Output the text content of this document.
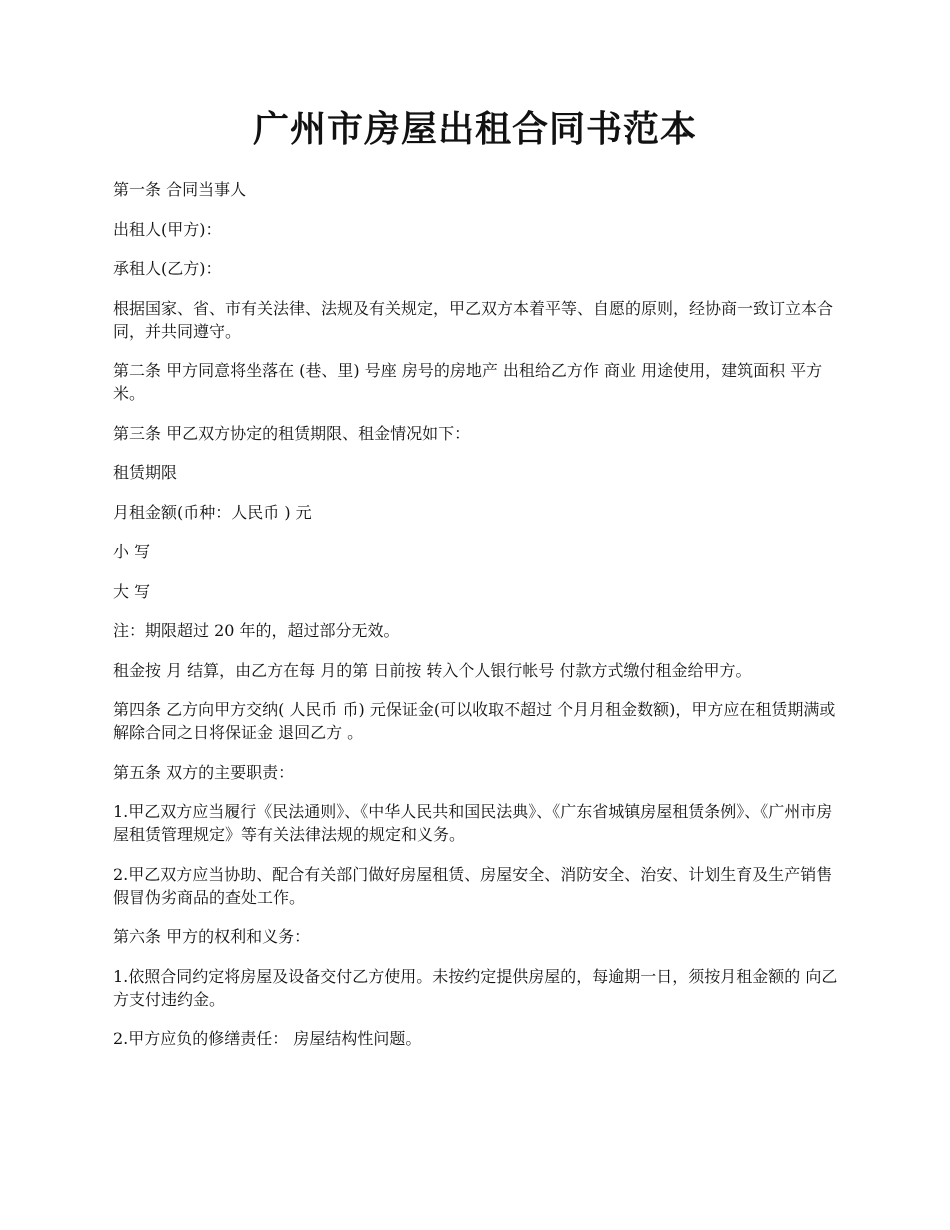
广州市房屋出租合同书范本

第一条 合同当事人

出租人(甲方)：

承租人(乙方)：

根据国家、省、市有关法律、法规及有关规定，甲乙双方本着平等、自愿的原则，经协商一致订立本合同，并共同遵守。

第二条 甲方同意将坐落在 (巷、里) 号座 房号的房地产 出租给乙方作 商业 用途使用，建筑面积 平方米。

第三条 甲乙双方协定的租赁期限、租金情况如下：

租赁期限

月租金额(币种：人民币 ) 元

小 写

大 写

注：期限超过 20 年的，超过部分无效。

租金按 月 结算，由乙方在每 月的第 日前按 转入个人银行帐号 付款方式缴付租金给甲方。

第四条 乙方向甲方交纳( 人民币 币) 元保证金(可以收取不超过 个月月租金数额)，甲方应在租赁期满或解除合同之日将保证金 退回乙方 。

第五条 双方的主要职责：

1.甲乙双方应当履行《民法通则》、《中华人民共和国民法典》、《广东省城镇房屋租赁条例》、《广州市房屋租赁管理规定》等有关法律法规的规定和义务。

2.甲乙双方应当协助、配合有关部门做好房屋租赁、房屋安全、消防安全、治安、计划生育及生产销售假冒伪劣商品的查处工作。

第六条 甲方的权利和义务：

1.依照合同约定将房屋及设备交付乙方使用。未按约定提供房屋的，每逾期一日，须按月租金额的 向乙方支付违约金。

2.甲方应负的修缮责任： 房屋结构性问题。
